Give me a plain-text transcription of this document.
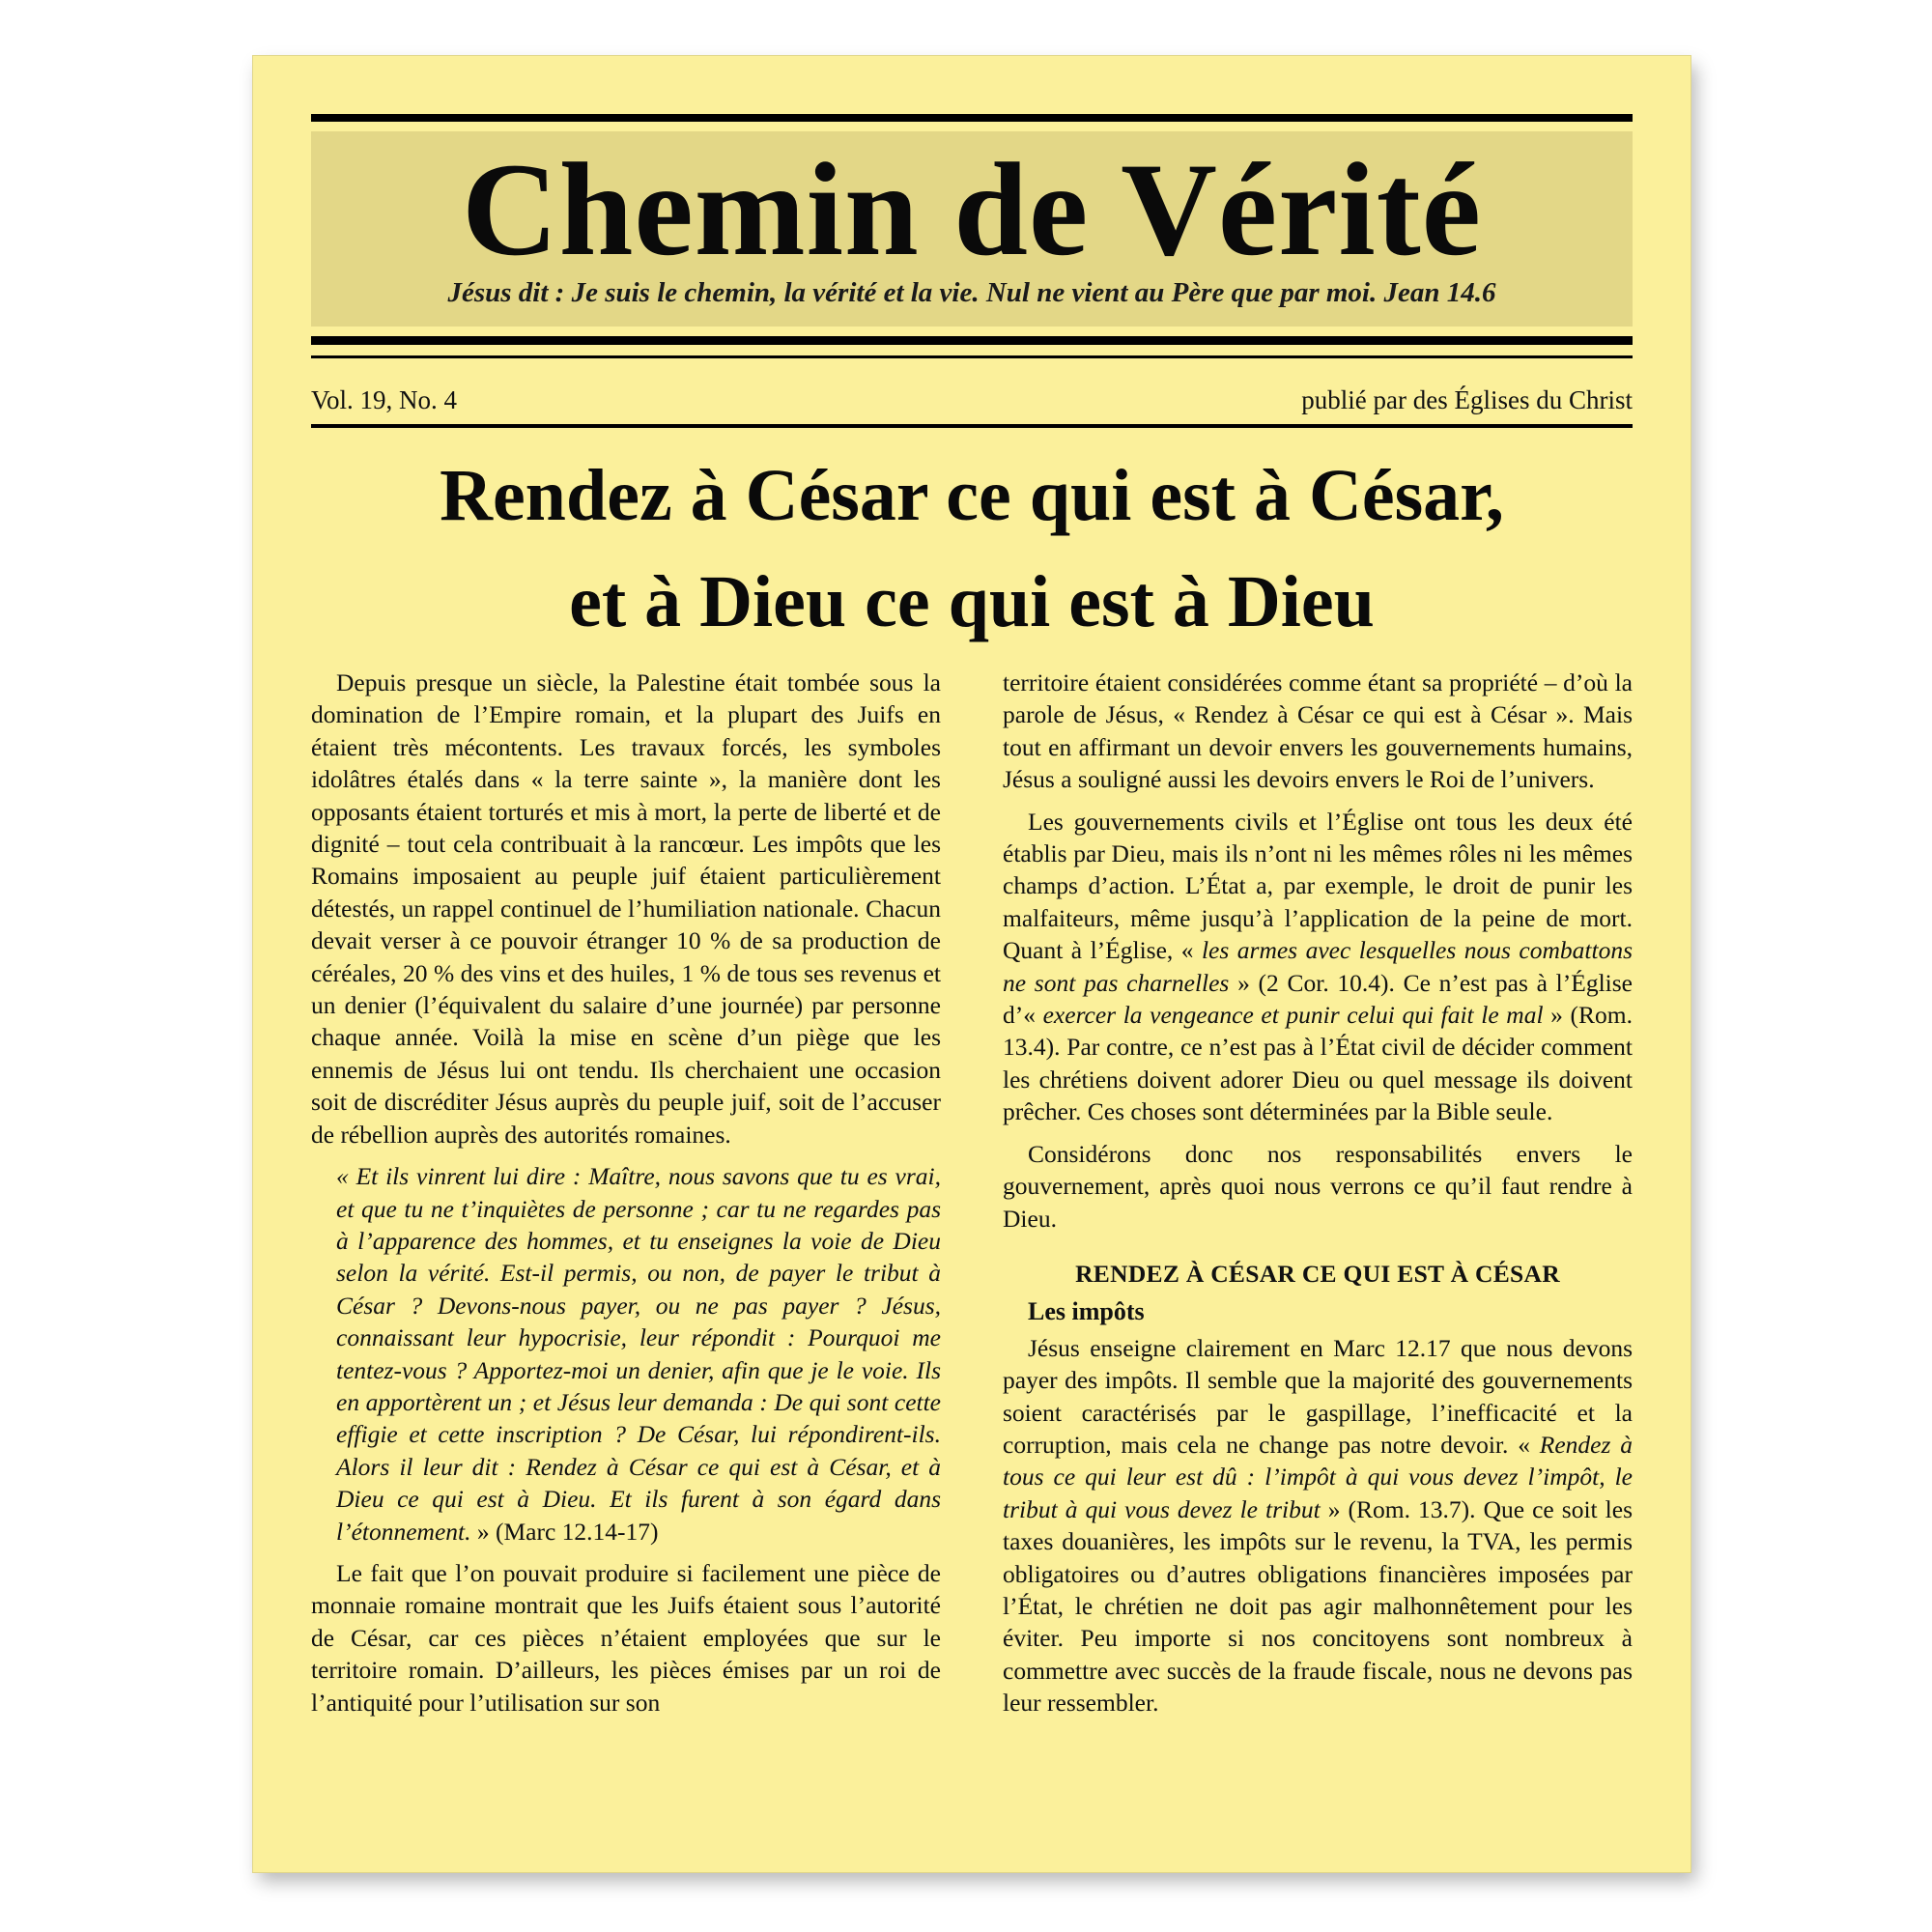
Chemin de Vérité
Jésus dit : Je suis le chemin, la vérité et la vie. Nul ne vient au Père que par moi. Jean 14.6
Vol. 19, No. 4	publié par des Églises du Christ
Rendez à César ce qui est à César,
et à Dieu ce qui est à Dieu

Depuis presque un siècle, la Palestine était tombée sous la domination de l’Empire romain, et la plupart des Juifs en étaient très mécontents. Les travaux forcés, les symboles idolâtres étalés dans « la terre sainte », la manière dont les opposants étaient torturés et mis à mort, la perte de liberté et de dignité – tout cela contribuait à la rancœur. Les impôts que les Romains imposaient au peuple juif étaient particulièrement détestés, un rappel continuel de l’humiliation nationale. Chacun devait verser à ce pouvoir étranger 10 % de sa production de céréales, 20 % des vins et des huiles, 1 % de tous ses revenus et un denier (l’équivalent du salaire d’une journée) par personne chaque année. Voilà la mise en scène d’un piège que les ennemis de Jésus lui ont tendu. Ils cherchaient une occasion soit de discréditer Jésus auprès du peuple juif, soit de l’accuser de rébellion auprès des autorités romaines.

« Et ils vinrent lui dire : Maître, nous savons que tu es vrai, et que tu ne t’inquiètes de personne ; car tu ne regardes pas à l’apparence des hommes, et tu enseignes la voie de Dieu selon la vérité. Est-il permis, ou non, de payer le tribut à César ? Devons-nous payer, ou ne pas payer ? Jésus, connaissant leur hypocrisie, leur répondit : Pourquoi me tentez-vous ? Apportez-moi un denier, afin que je le voie. Ils en apportèrent un ; et Jésus leur demanda : De qui sont cette effigie et cette inscription ? De César, lui répondirent-ils. Alors il leur dit : Rendez à César ce qui est à César, et à Dieu ce qui est à Dieu. Et ils furent à son égard dans l’étonnement. » (Marc 12.14-17)

Le fait que l’on pouvait produire si facilement une pièce de monnaie romaine montrait que les Juifs étaient sous l’autorité de César, car ces pièces n’étaient employées que sur le territoire romain. D’ailleurs, les pièces émises par un roi de l’antiquité pour l’utilisation sur son

territoire étaient considérées comme étant sa propriété – d’où la parole de Jésus, « Rendez à César ce qui est à César ». Mais tout en affirmant un devoir envers les gouvernements humains, Jésus a souligné aussi les devoirs envers le Roi de l’univers.

Les gouvernements civils et l’Église ont tous les deux été établis par Dieu, mais ils n’ont ni les mêmes rôles ni les mêmes champs d’action. L’État a, par exemple, le droit de punir les malfaiteurs, même jusqu’à l’application de la peine de mort. Quant à l’Église, « les armes avec lesquelles nous combattons ne sont pas charnelles » (2 Cor. 10.4). Ce n’est pas à l’Église d’« exercer la vengeance et punir celui qui fait le mal » (Rom. 13.4). Par contre, ce n’est pas à l’État civil de décider comment les chrétiens doivent adorer Dieu ou quel message ils doivent prêcher. Ces choses sont déterminées par la Bible seule.

Considérons donc nos responsabilités envers le gouvernement, après quoi nous verrons ce qu’il faut rendre à Dieu.

RENDEZ À CÉSAR CE QUI EST À CÉSAR
Les impôts

Jésus enseigne clairement en Marc 12.17 que nous devons payer des impôts. Il semble que la majorité des gouvernements soient caractérisés par le gaspillage, l’inefficacité et la corruption, mais cela ne change pas notre devoir. « Rendez à tous ce qui leur est dû : l’impôt à qui vous devez l’impôt, le tribut à qui vous devez le tribut » (Rom. 13.7). Que ce soit les taxes douanières, les impôts sur le revenu, la TVA, les permis obligatoires ou d’autres obligations financières imposées par l’État, le chrétien ne doit pas agir malhonnêtement pour les éviter. Peu importe si nos concitoyens sont nombreux à commettre avec succès de la fraude fiscale, nous ne devons pas leur ressembler.
